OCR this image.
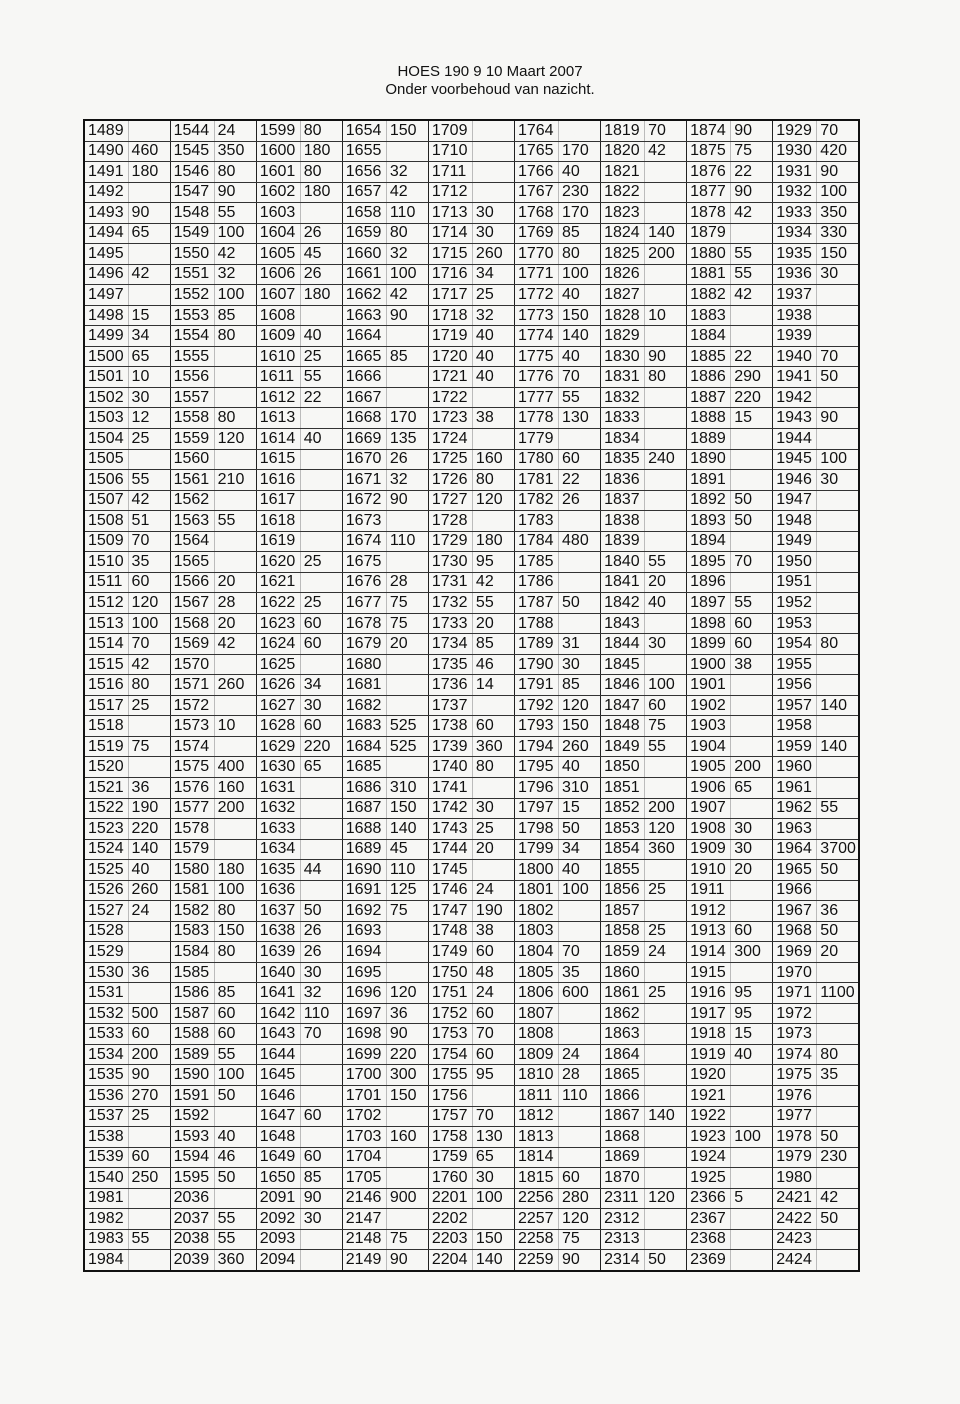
HOES 190 9 10 Maart 2007
Onder voorbehoud van nazicht.
1489		1544	24	1599	80	1654	150	1709		1764		1819	70	1874	90	1929	70
1490	460	1545	350	1600	180	1655		1710		1765	170	1820	42	1875	75	1930	420
1491	180	1546	80	1601	80	1656	32	1711		1766	40	1821		1876	22	1931	90
1492		1547	90	1602	180	1657	42	1712		1767	230	1822		1877	90	1932	100
1493	90	1548	55	1603		1658	110	1713	30	1768	170	1823		1878	42	1933	350
1494	65	1549	100	1604	26	1659	80	1714	30	1769	85	1824	140	1879		1934	330
1495		1550	42	1605	45	1660	32	1715	260	1770	80	1825	200	1880	55	1935	150
1496	42	1551	32	1606	26	1661	100	1716	34	1771	100	1826		1881	55	1936	30
1497		1552	100	1607	180	1662	42	1717	25	1772	40	1827		1882	42	1937	
1498	15	1553	85	1608		1663	90	1718	32	1773	150	1828	10	1883		1938	
1499	34	1554	80	1609	40	1664		1719	40	1774	140	1829		1884		1939	
1500	65	1555		1610	25	1665	85	1720	40	1775	40	1830	90	1885	22	1940	70
1501	10	1556		1611	55	1666		1721	40	1776	70	1831	80	1886	290	1941	50
1502	30	1557		1612	22	1667		1722		1777	55	1832		1887	220	1942	
1503	12	1558	80	1613		1668	170	1723	38	1778	130	1833		1888	15	1943	90
1504	25	1559	120	1614	40	1669	135	1724		1779		1834		1889		1944	
1505		1560		1615		1670	26	1725	160	1780	60	1835	240	1890		1945	100
1506	55	1561	210	1616		1671	32	1726	80	1781	22	1836		1891		1946	30
1507	42	1562		1617		1672	90	1727	120	1782	26	1837		1892	50	1947	
1508	51	1563	55	1618		1673		1728		1783		1838		1893	50	1948	
1509	70	1564		1619		1674	110	1729	180	1784	480	1839		1894		1949	
1510	35	1565		1620	25	1675		1730	95	1785		1840	55	1895	70	1950	
1511	60	1566	20	1621		1676	28	1731	42	1786		1841	20	1896		1951	
1512	120	1567	28	1622	25	1677	75	1732	55	1787	50	1842	40	1897	55	1952	
1513	100	1568	20	1623	60	1678	75	1733	20	1788		1843		1898	60	1953	
1514	70	1569	42	1624	60	1679	20	1734	85	1789	31	1844	30	1899	60	1954	80
1515	42	1570		1625		1680		1735	46	1790	30	1845		1900	38	1955	
1516	80	1571	260	1626	34	1681		1736	14	1791	85	1846	100	1901		1956	
1517	25	1572		1627	30	1682		1737		1792	120	1847	60	1902		1957	140
1518		1573	10	1628	60	1683	525	1738	60	1793	150	1848	75	1903		1958	
1519	75	1574		1629	220	1684	525	1739	360	1794	260	1849	55	1904		1959	140
1520		1575	400	1630	65	1685		1740	80	1795	40	1850		1905	200	1960	
1521	36	1576	160	1631		1686	310	1741		1796	310	1851		1906	65	1961	
1522	190	1577	200	1632		1687	150	1742	30	1797	15	1852	200	1907		1962	55
1523	220	1578		1633		1688	140	1743	25	1798	50	1853	120	1908	30	1963	
1524	140	1579		1634		1689	45	1744	20	1799	34	1854	360	1909	30	1964	3700
1525	40	1580	180	1635	44	1690	110	1745		1800	40	1855		1910	20	1965	50
1526	260	1581	100	1636		1691	125	1746	24	1801	100	1856	25	1911		1966	
1527	24	1582	80	1637	50	1692	75	1747	190	1802		1857		1912		1967	36
1528		1583	150	1638	26	1693		1748	38	1803		1858	25	1913	60	1968	50
1529		1584	80	1639	26	1694		1749	60	1804	70	1859	24	1914	300	1969	20
1530	36	1585		1640	30	1695		1750	48	1805	35	1860		1915		1970	
1531		1586	85	1641	32	1696	120	1751	24	1806	600	1861	25	1916	95	1971	1100
1532	500	1587	60	1642	110	1697	36	1752	60	1807		1862		1917	95	1972	
1533	60	1588	60	1643	70	1698	90	1753	70	1808		1863		1918	15	1973	
1534	200	1589	55	1644		1699	220	1754	60	1809	24	1864		1919	40	1974	80
1535	90	1590	100	1645		1700	300	1755	95	1810	28	1865		1920		1975	35
1536	270	1591	50	1646		1701	150	1756		1811	110	1866		1921		1976	
1537	25	1592		1647	60	1702		1757	70	1812		1867	140	1922		1977	
1538		1593	40	1648		1703	160	1758	130	1813		1868		1923	100	1978	50
1539	60	1594	46	1649	60	1704		1759	65	1814		1869		1924		1979	230
1540	250	1595	50	1650	85	1705		1760	30	1815	60	1870		1925		1980	
1981		2036		2091	90	2146	900	2201	100	2256	280	2311	120	2366	5	2421	42
1982		2037	55	2092	30	2147		2202		2257	120	2312		2367		2422	50
1983	55	2038	55	2093		2148	75	2203	150	2258	75	2313		2368		2423	
1984		2039	360	2094		2149	90	2204	140	2259	90	2314	50	2369		2424	
